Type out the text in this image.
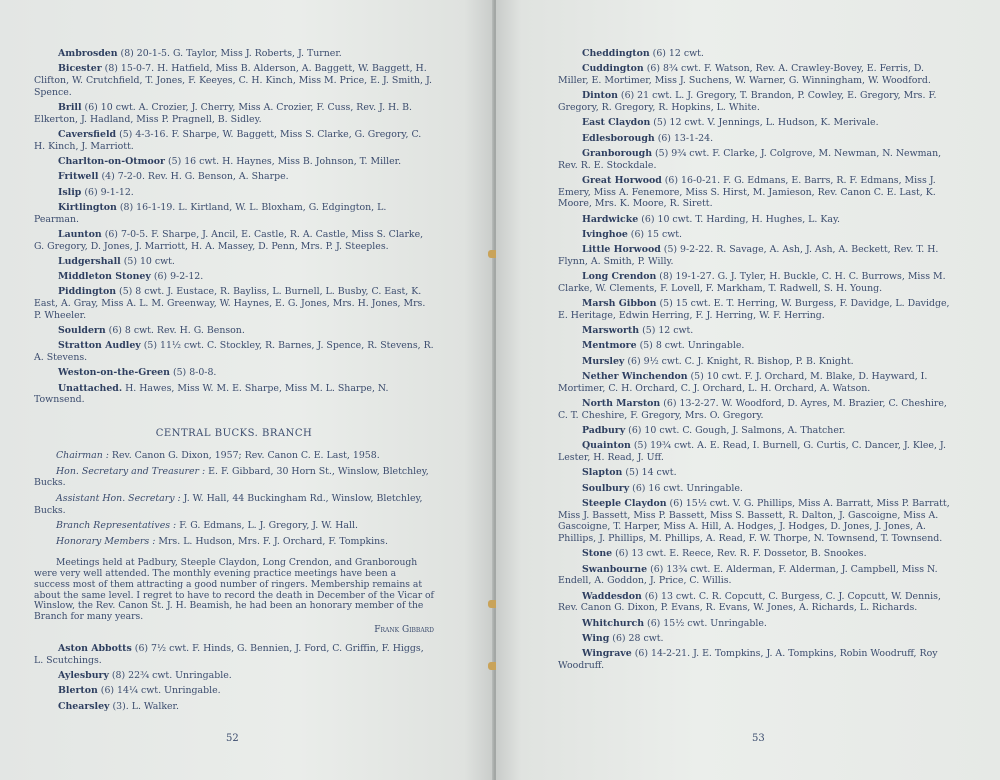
Ambrosden (8) 20-1-5. G. Taylor, Miss J. Roberts, J. Turner.
Bicester (8) 15-0-7. H. Hatfield, Miss B. Alderson, A. Baggett, W. Baggett, H. Clifton, W. Crutchfield, T. Jones, F. Keeyes, C. H. Kinch, Miss M. Price, E. J. Smith, J. Spence.
Brill (6) 10 cwt. A. Crozier, J. Cherry, Miss A. Crozier, F. Cuss, Rev. J. H. B. Elkerton, J. Hadland, Miss P. Pragnell, B. Sidley.
Caversfield (5) 4-3-16. F. Sharpe, W. Baggett, Miss S. Clarke, G. Gregory, C. H. Kinch, J. Marriott.
Charlton-on-Otmoor (5) 16 cwt. H. Haynes, Miss B. Johnson, T. Miller.
Fritwell (4) 7-2-0. Rev. H. G. Benson, A. Sharpe.
Islip (6) 9-1-12.
Kirtlington (8) 16-1-19. L. Kirtland, W. L. Bloxham, G. Edgington, L. Pearman.
Launton (6) 7-0-5. F. Sharpe, J. Ancil, E. Castle, R. A. Castle, Miss S. Clarke, G. Gregory, D. Jones, J. Marriott, H. A. Massey, D. Penn, Mrs. P. J. Steeples.
Ludgershall (5) 10 cwt.
Middleton Stoney (6) 9-2-12.
Piddington (5) 8 cwt. J. Eustace, R. Bayliss, L. Burnell, L. Busby, C. East, K. East, A. Gray, Miss A. L. M. Greenway, W. Haynes, E. G. Jones, Mrs. H. Jones, Mrs. P. Wheeler.
Souldern (6) 8 cwt. Rev. H. G. Benson.
Stratton Audley (5) 11½ cwt. C. Stockley, R. Barnes, J. Spence, R. Stevens, R. A. Stevens.
Weston-on-the-Green (5) 8-0-8.
Unattached. H. Hawes, Miss W. M. E. Sharpe, Miss M. L. Sharpe, N. Townsend.
CENTRAL BUCKS. BRANCH
Chairman : Rev. Canon G. Dixon, 1957; Rev. Canon C. E. Last, 1958.
Hon. Secretary and Treasurer : E. F. Gibbard, 30 Horn St., Winslow, Bletchley, Bucks.
Assistant Hon. Secretary : J. W. Hall, 44 Buckingham Rd., Winslow, Bletchley, Bucks.
Branch Representatives : F. G. Edmans, L. J. Gregory, J. W. Hall.
Honorary Members : Mrs. L. Hudson, Mrs. F. J. Orchard, F. Tompkins.
Meetings held at Padbury, Steeple Claydon, Long Crendon, and Granborough were very well attended. The monthly evening practice meetings have been a success most of them attracting a good number of ringers. Membership remains at about the same level. I regret to have to record the death in December of the Vicar of Winslow, the Rev. Canon St. J. H. Beamish, he had been an honorary member of the Branch for many years.
Frank Gibbard
Aston Abbotts (6) 7½ cwt. F. Hinds, G. Bennien, J. Ford, C. Griffin, F. Higgs, L. Scutchings.
Aylesbury (8) 22¾ cwt. Unringable.
Blerton (6) 14¼ cwt. Unringable.
Chearsley (3). L. Walker.
52
Cheddington (6) 12 cwt.
Cuddington (6) 8¾ cwt. F. Watson, Rev. A. Crawley-Bovey, E. Ferris, D. Miller, E. Mortimer, Miss J. Suchens, W. Warner, G. Winningham, W. Woodford.
Dinton (6) 21 cwt. L. J. Gregory, T. Brandon, P. Cowley, E. Gregory, Mrs. F. Gregory, R. Gregory, R. Hopkins, L. White.
East Claydon (5) 12 cwt. V. Jennings, L. Hudson, K. Merivale.
Edlesborough (6) 13-1-24.
Granborough (5) 9¾ cwt. F. Clarke, J. Colgrove, M. Newman, N. Newman, Rev. R. E. Stockdale.
Great Horwood (6) 16-0-21. F. G. Edmans, E. Barrs, R. F. Edmans, Miss J. Emery, Miss A. Fenemore, Miss S. Hirst, M. Jamieson, Rev. Canon C. E. Last, K. Moore, Mrs. K. Moore, R. Sirett.
Hardwicke (6) 10 cwt. T. Harding, H. Hughes, L. Kay.
Ivinghoe (6) 15 cwt.
Little Horwood (5) 9-2-22. R. Savage, A. Ash, J. Ash, A. Beckett, Rev. T. H. Flynn, A. Smith, P. Willy.
Long Crendon (8) 19-1-27. G. J. Tyler, H. Buckle, C. H. C. Burrows, Miss M. Clarke, W. Clements, F. Lovell, F. Markham, T. Radwell, S. H. Young.
Marsh Gibbon (5) 15 cwt. E. T. Herring, W. Burgess, F. Davidge, L. Davidge, E. Heritage, Edwin Herring, F. J. Herring, W. F. Herring.
Marsworth (5) 12 cwt.
Mentmore (5) 8 cwt. Unringable.
Mursley (6) 9½ cwt. C. J. Knight, R. Bishop, P. B. Knight.
Nether Winchendon (5) 10 cwt. F. J. Orchard, M. Blake, D. Hayward, I. Mortimer, C. H. Orchard, C. J. Orchard, L. H. Orchard, A. Watson.
North Marston (6) 13-2-27. W. Woodford, D. Ayres, M. Brazier, C. Cheshire, C. T. Cheshire, F. Gregory, Mrs. O. Gregory.
Padbury (6) 10 cwt. C. Gough, J. Salmons, A. Thatcher.
Quainton (5) 19¾ cwt. A. E. Read, I. Burnell, G. Curtis, C. Dancer, J. Klee, J. Lester, H. Read, J. Uff.
Slapton (5) 14 cwt.
Soulbury (6) 16 cwt. Unringable.
Steeple Claydon (6) 15½ cwt. V. G. Phillips, Miss A. Barratt, Miss P. Barratt, Miss J. Bassett, Miss P. Bassett, Miss S. Bassett, R. Dalton, J. Gascoigne, Miss A. Gascoigne, T. Harper, Miss A. Hill, A. Hodges, J. Hodges, D. Jones, J. Jones, A. Phillips, J. Phillips, M. Phillips, A. Read, F. W. Thorpe, N. Townsend, T. Townsend.
Stone (6) 13 cwt. E. Reece, Rev. R. F. Dossetor, B. Snookes.
Swanbourne (6) 13¾ cwt. E. Alderman, F. Alderman, J. Campbell, Miss N. Endell, A. Goddon, J. Price, C. Willis.
Waddesdon (6) 13 cwt. C. R. Copcutt, C. Burgess, C. J. Copcutt, W. Dennis, Rev. Canon G. Dixon, P. Evans, R. Evans, W. Jones, A. Richards, L. Richards.
Whitchurch (6) 15½ cwt. Unringable.
Wing (6) 28 cwt.
Wingrave (6) 14-2-21. J. E. Tompkins, J. A. Tompkins, Robin Woodruff, Roy Woodruff.
53
